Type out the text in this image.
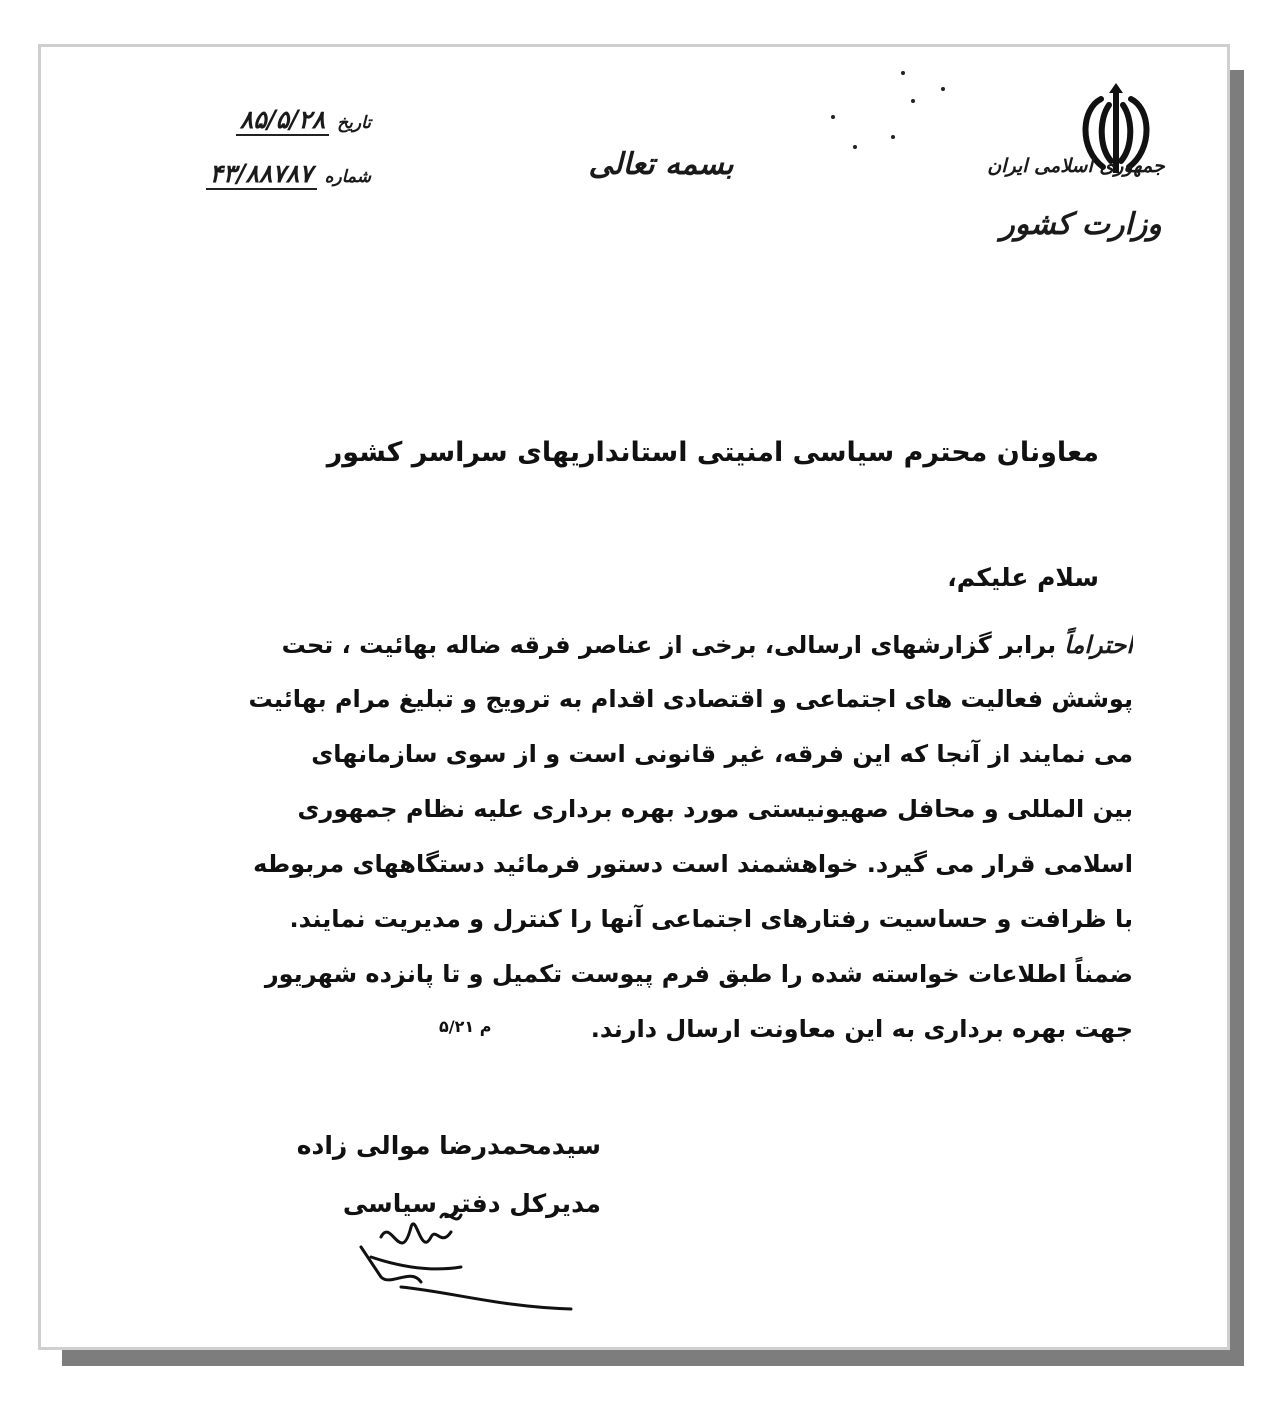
جمهوری اسلامی ایران
وزارت کشور
بسمه تعالی
تاریخ
۸۵/۵/۲۸
شماره
۴۳/۸۸۷۸۷
معاونان محترم سیاسی امنیتی استانداریهای سراسر کشور
سلام علیکم،
احتراماً
برابر گزارشهای ارسالی، برخی از عناصر فرقه ضاله بهائیت ، تحت
پوشش فعالیت های اجتماعی و اقتصادی اقدام به ترویج و تبلیغ مرام بهائیت
می نمایند از آنجا که این فرقه، غیر قانونی است و از سوی سازمانهای
بین المللی و محافل صهیونیستی مورد بهره برداری علیه نظام جمهوری
اسلامی قرار می گیرد. خواهشمند است دستور فرمائید دستگاههای مربوطه
با ظرافت و حساسیت رفتارهای اجتماعی آنها را کنترل و مدیریت نمایند.
ضمناً اطلاعات خواسته شده را طبق فرم پیوست تکمیل و تا پانزده شهریور
جهت بهره برداری به این معاونت ارسال دارند.
م ۵/۲۱
سیدمحمدرضا موالی زاده
مدیرکل دفتر سیاسی
